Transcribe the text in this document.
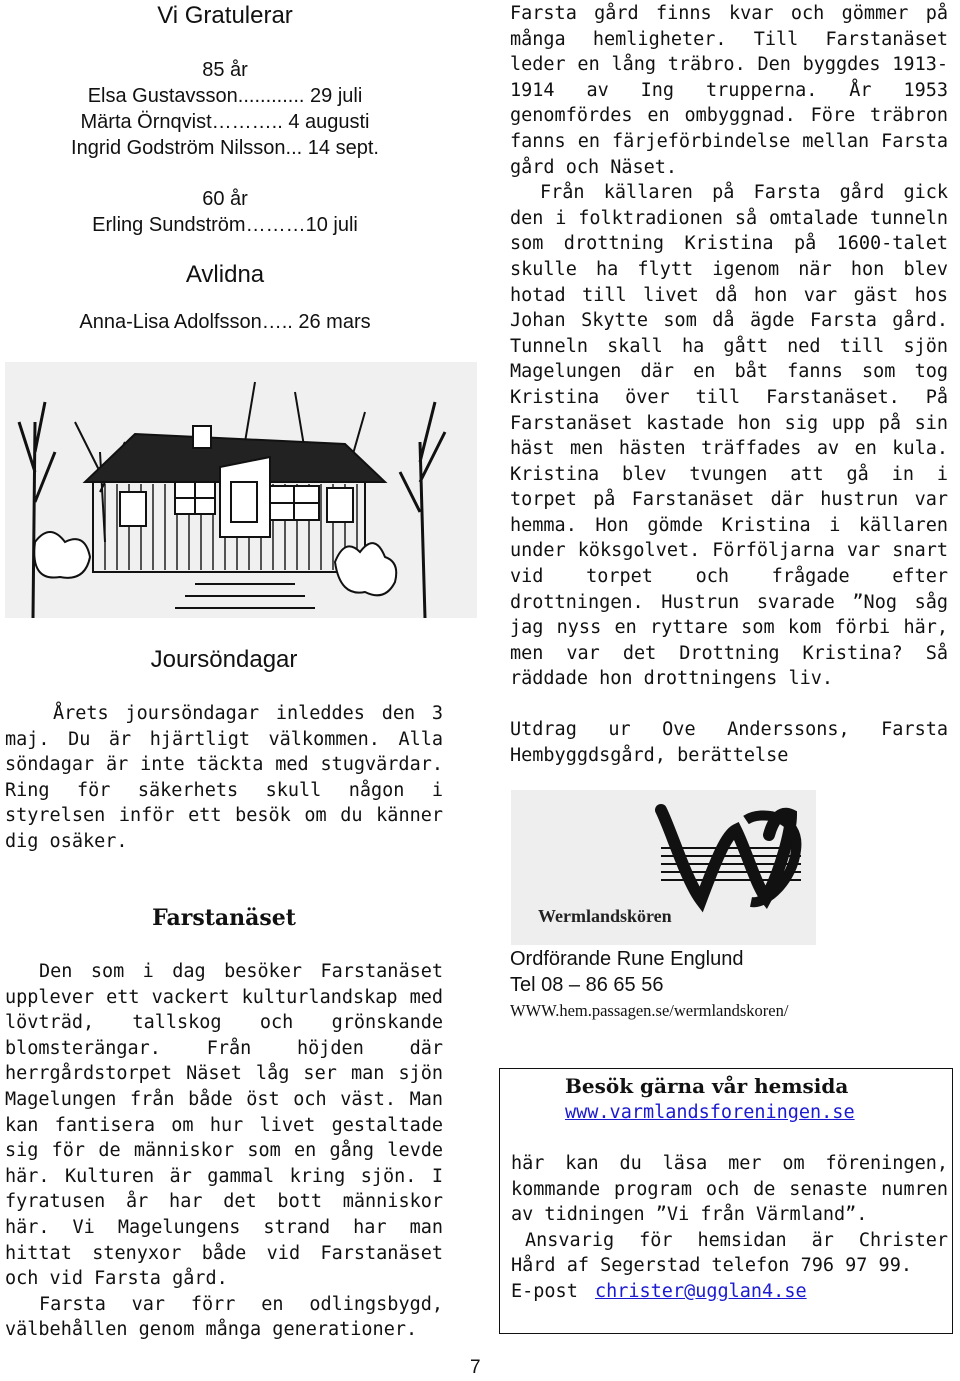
Vi Gratulerar
85 år
Elsa Gustavsson............ 29 juli
Märta Örnqvist……….. 4 augusti
Ingrid Godström Nilsson... 14 sept.
60 år
Erling Sundström………10 juli
Avlidna
Anna-Lisa Adolfsson….. 26 mars
Joursöndagar

Årets joursöndagar inleddes den 3 maj. Du är hjärtligt välkommen. Alla söndagar är inte täckta med stugvärdar. Ring för säkerhets skull någon i styrelsen inför ett besök om du känner dig osäker.

Farstanäset

Den som i dag besöker Farstanäset upplever ett vackert kulturlandskap med lövträd, tallskog och grönskande blomsterängar. Från höjden där herrgårdstorpet Näset låg ser man sjön Magelungen från både öst och väst. Man kan fantisera om hur livet gestaltade sig för de människor som en gång levde här. Kulturen är gammal kring sjön. I fyratusen år har det bott människor här. Vi Magelungens strand har man hittat stenyxor både vid Farstanäset och vid Farsta gård.

Farsta var förr en odlingsbygd, välbehållen genom många generationer.

Farsta gård finns kvar och gömmer på många hemligheter. Till Farstanäset leder en lång träbro. Den byggdes 1913-1914 av Ing trupperna. År 1953 genomfördes en ombyggnad. Före träbron fanns en färjeförbindelse mellan Farsta gård och Näset.

Från källaren på Farsta gård gick den i folktradionen så omtalade tunneln som drottning Kristina på 1600-talet skulle ha flytt igenom när hon blev hotad till livet då hon var gäst hos Johan Skytte som då ägde Farsta gård. Tunneln skall ha gått ned till sjön Magelungen där en båt fanns som tog Kristina över till Farstanäset. På Farstanäset kastade hon sig upp på sin häst men hästen träffades av en kula. Kristina blev tvungen att gå in i torpet på Farstanäset där hustrun var hemma. Hon gömde Kristina i källaren under köksgolvet. Förföljarna var snart vid torpet och frågade efter drottningen. Hustrun svarade ”Nog såg jag nyss en ryttare som kom förbi här, men var det Drottning Kristina? Så räddade hon drottningens liv.

Utdrag ur Ove Anderssons, Farsta Hembyggdsgård, berättelse

Wermlandskören
Ordförande Rune Englund
Tel 08 – 86 65 56
WWW.hem.passagen.se/wermlandskoren/
Besök gärna vår hemsida
www.varmlandsforeningen.se

här kan du läsa mer om föreningen, kommande program och de senaste numren av tidningen ”Vi från Värmland”.

Ansvarig för hemsidan är Christer Hård af Segerstad telefon 796 97 99.

E-post christer@ugglan4.se
7
